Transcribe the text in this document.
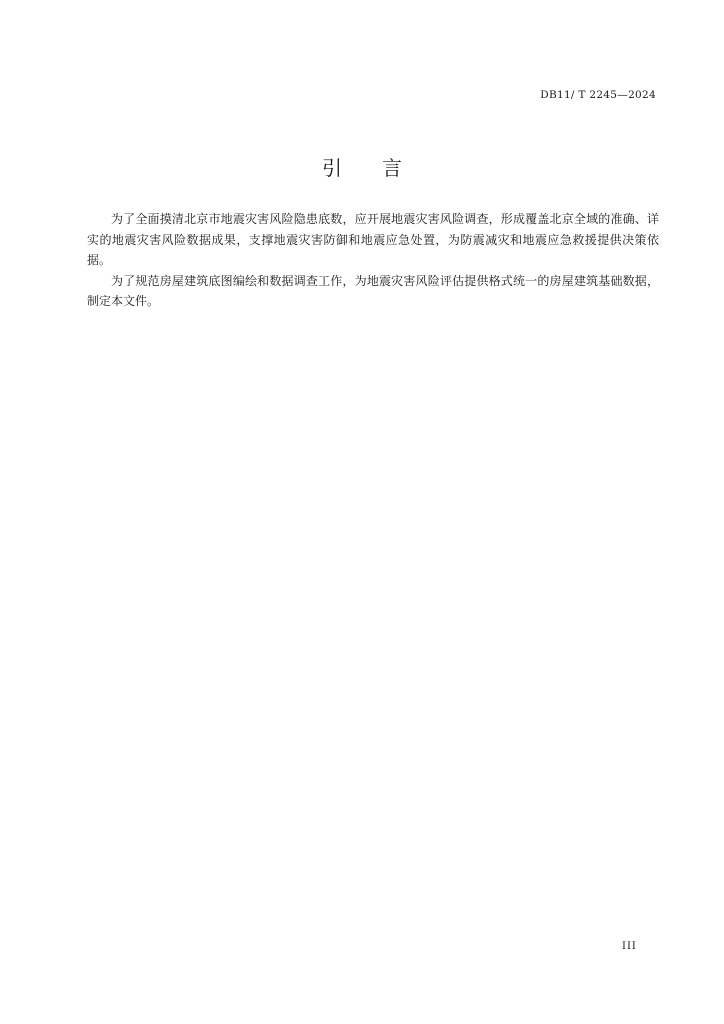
DB11/ T 2245—2024
引言

为了全面摸清北京市地震灾害风险隐患底数，应开展地震灾害风险调查，形成覆盖北京全域的准确、详实的地震灾害风险数据成果，支撑地震灾害防御和地震应急处置，为防震减灾和地震应急救援提供决策依据。

为了规范房屋建筑底图编绘和数据调查工作，为地震灾害风险评估提供格式统一的房屋建筑基础数据，制定本文件。

III
